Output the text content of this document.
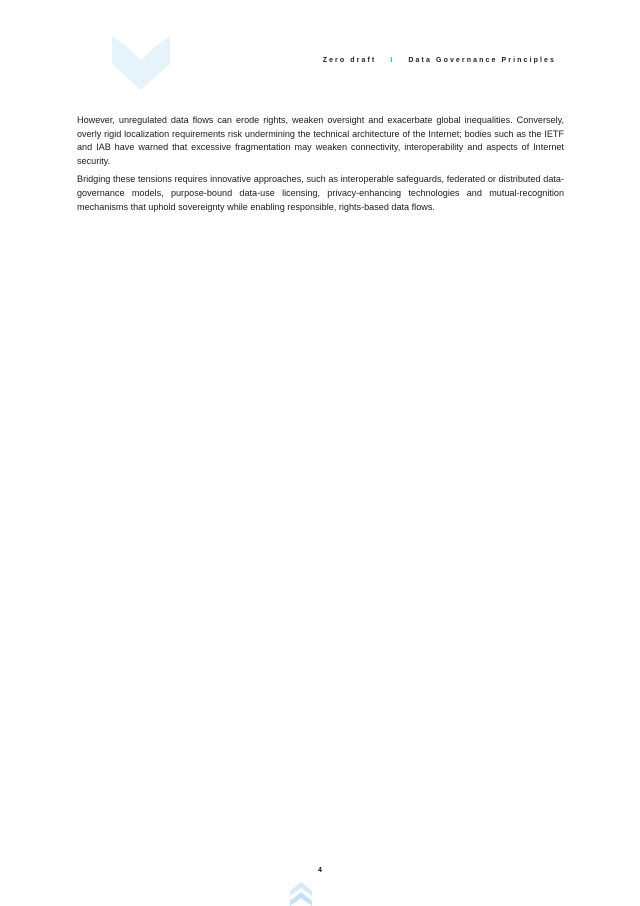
Zero draft I Data Governance Principles

However, unregulated data flows can erode rights, weaken oversight and exacerbate global inequalities. Conversely, overly rigid localization requirements risk undermining the technical architecture of the Internet; bodies such as the IETF and IAB have warned that excessive fragmentation may weaken connectivity, interoperability and aspects of Internet security.

Bridging these tensions requires innovative approaches, such as interoperable safeguards, federated or distributed data-governance models, purpose-bound data-use licensing, privacy-enhancing technologies and mutual-recognition mechanisms that uphold sovereignty while enabling responsible, rights-based data flows.

4
